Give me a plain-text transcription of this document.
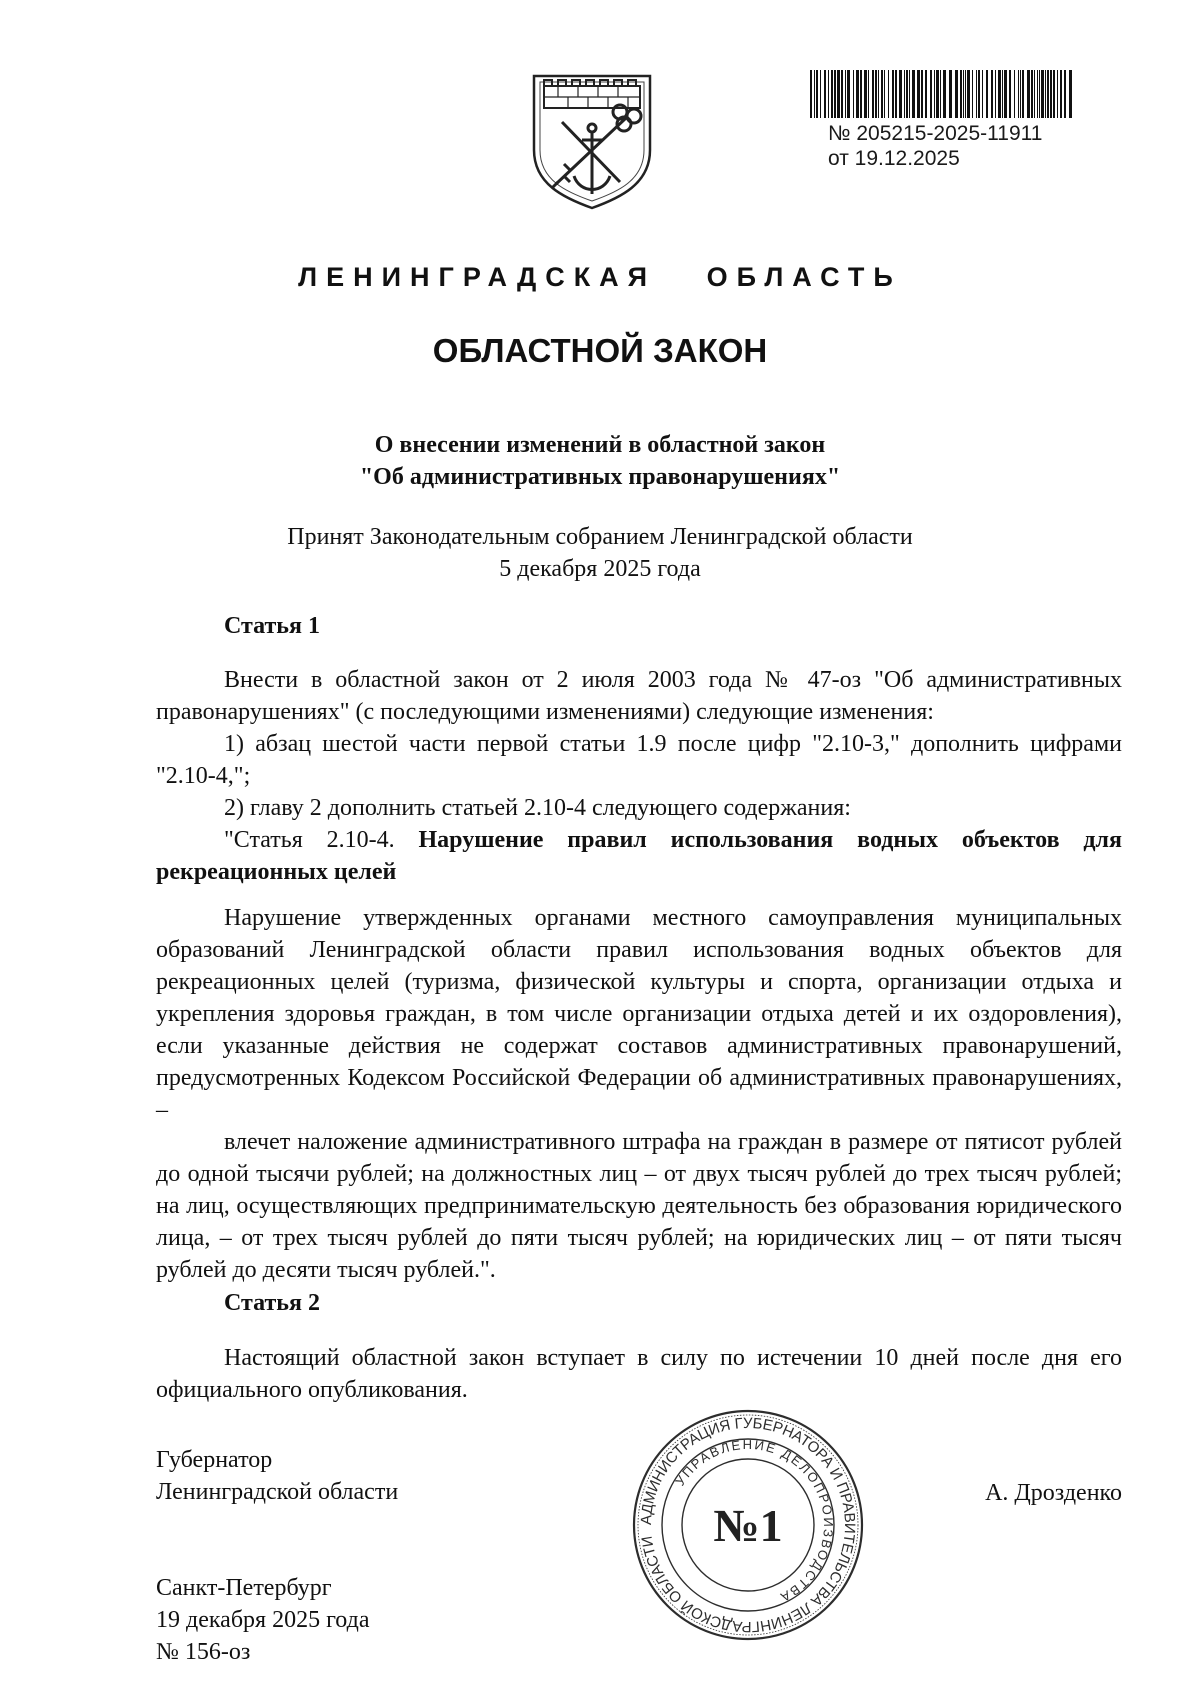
№ 205215-2025-11911
от 19.12.2025
ЛЕНИНГРАДСКАЯ ОБЛАСТЬ
ОБЛАСТНОЙ ЗАКОН
О внесении изменений в областной закон
"Об административных правонарушениях"
Принят Законодательным собранием Ленинградской области
5 декабря 2025 года
Статья 1

Внести в областной закон от 2 июля 2003 года № 47-оз "Об административных правонарушениях" (с последующими изменениями) следующие изменения:

1) абзац шестой части первой статьи 1.9 после цифр "2.10-3," дополнить цифрами "2.10-4,";

2) главу 2 дополнить статьей 2.10-4 следующего содержания:

"Статья 2.10-4. Нарушение правил использования водных объектов для рекреационных целей

Нарушение утвержденных органами местного самоуправления муниципальных образований Ленинградской области правил использования водных объектов для рекреационных целей (туризма, физической культуры и спорта, организации отдыха и укрепления здоровья граждан, в том числе организации отдыха детей и их оздоровления), если указанные действия не содержат составов административных правонарушений, предусмотренных Кодексом Российской Федерации об административных правонарушениях, –

влечет наложение административного штрафа на граждан в размере от пятисот рублей до одной тысячи рублей; на должностных лиц – от двух тысяч рублей до трех тысяч рублей; на лиц, осуществляющих предпринимательскую деятельность без образования юридического лица, – от трех тысяч рублей до пяти тысяч рублей; на юридических лиц – от пяти тысяч рублей до десяти тысяч рублей.".

Статья 2

Настоящий областной закон вступает в силу по истечении 10 дней после дня его официального опубликования.

Губернатор
Ленинградской области	А. Дрозденко
Санкт-Петербург
19 декабря 2025 года
№ 156-оз
АДМИНИСТРАЦИЯ ГУБЕРНАТОРА И ПРАВИТЕЛЬСТВА ЛЕНИНГРАДСКОЙ ОБЛАСТИ
УПРАВЛЕНИЕ ДЕЛОПРОИЗВОДСТВА
№1
